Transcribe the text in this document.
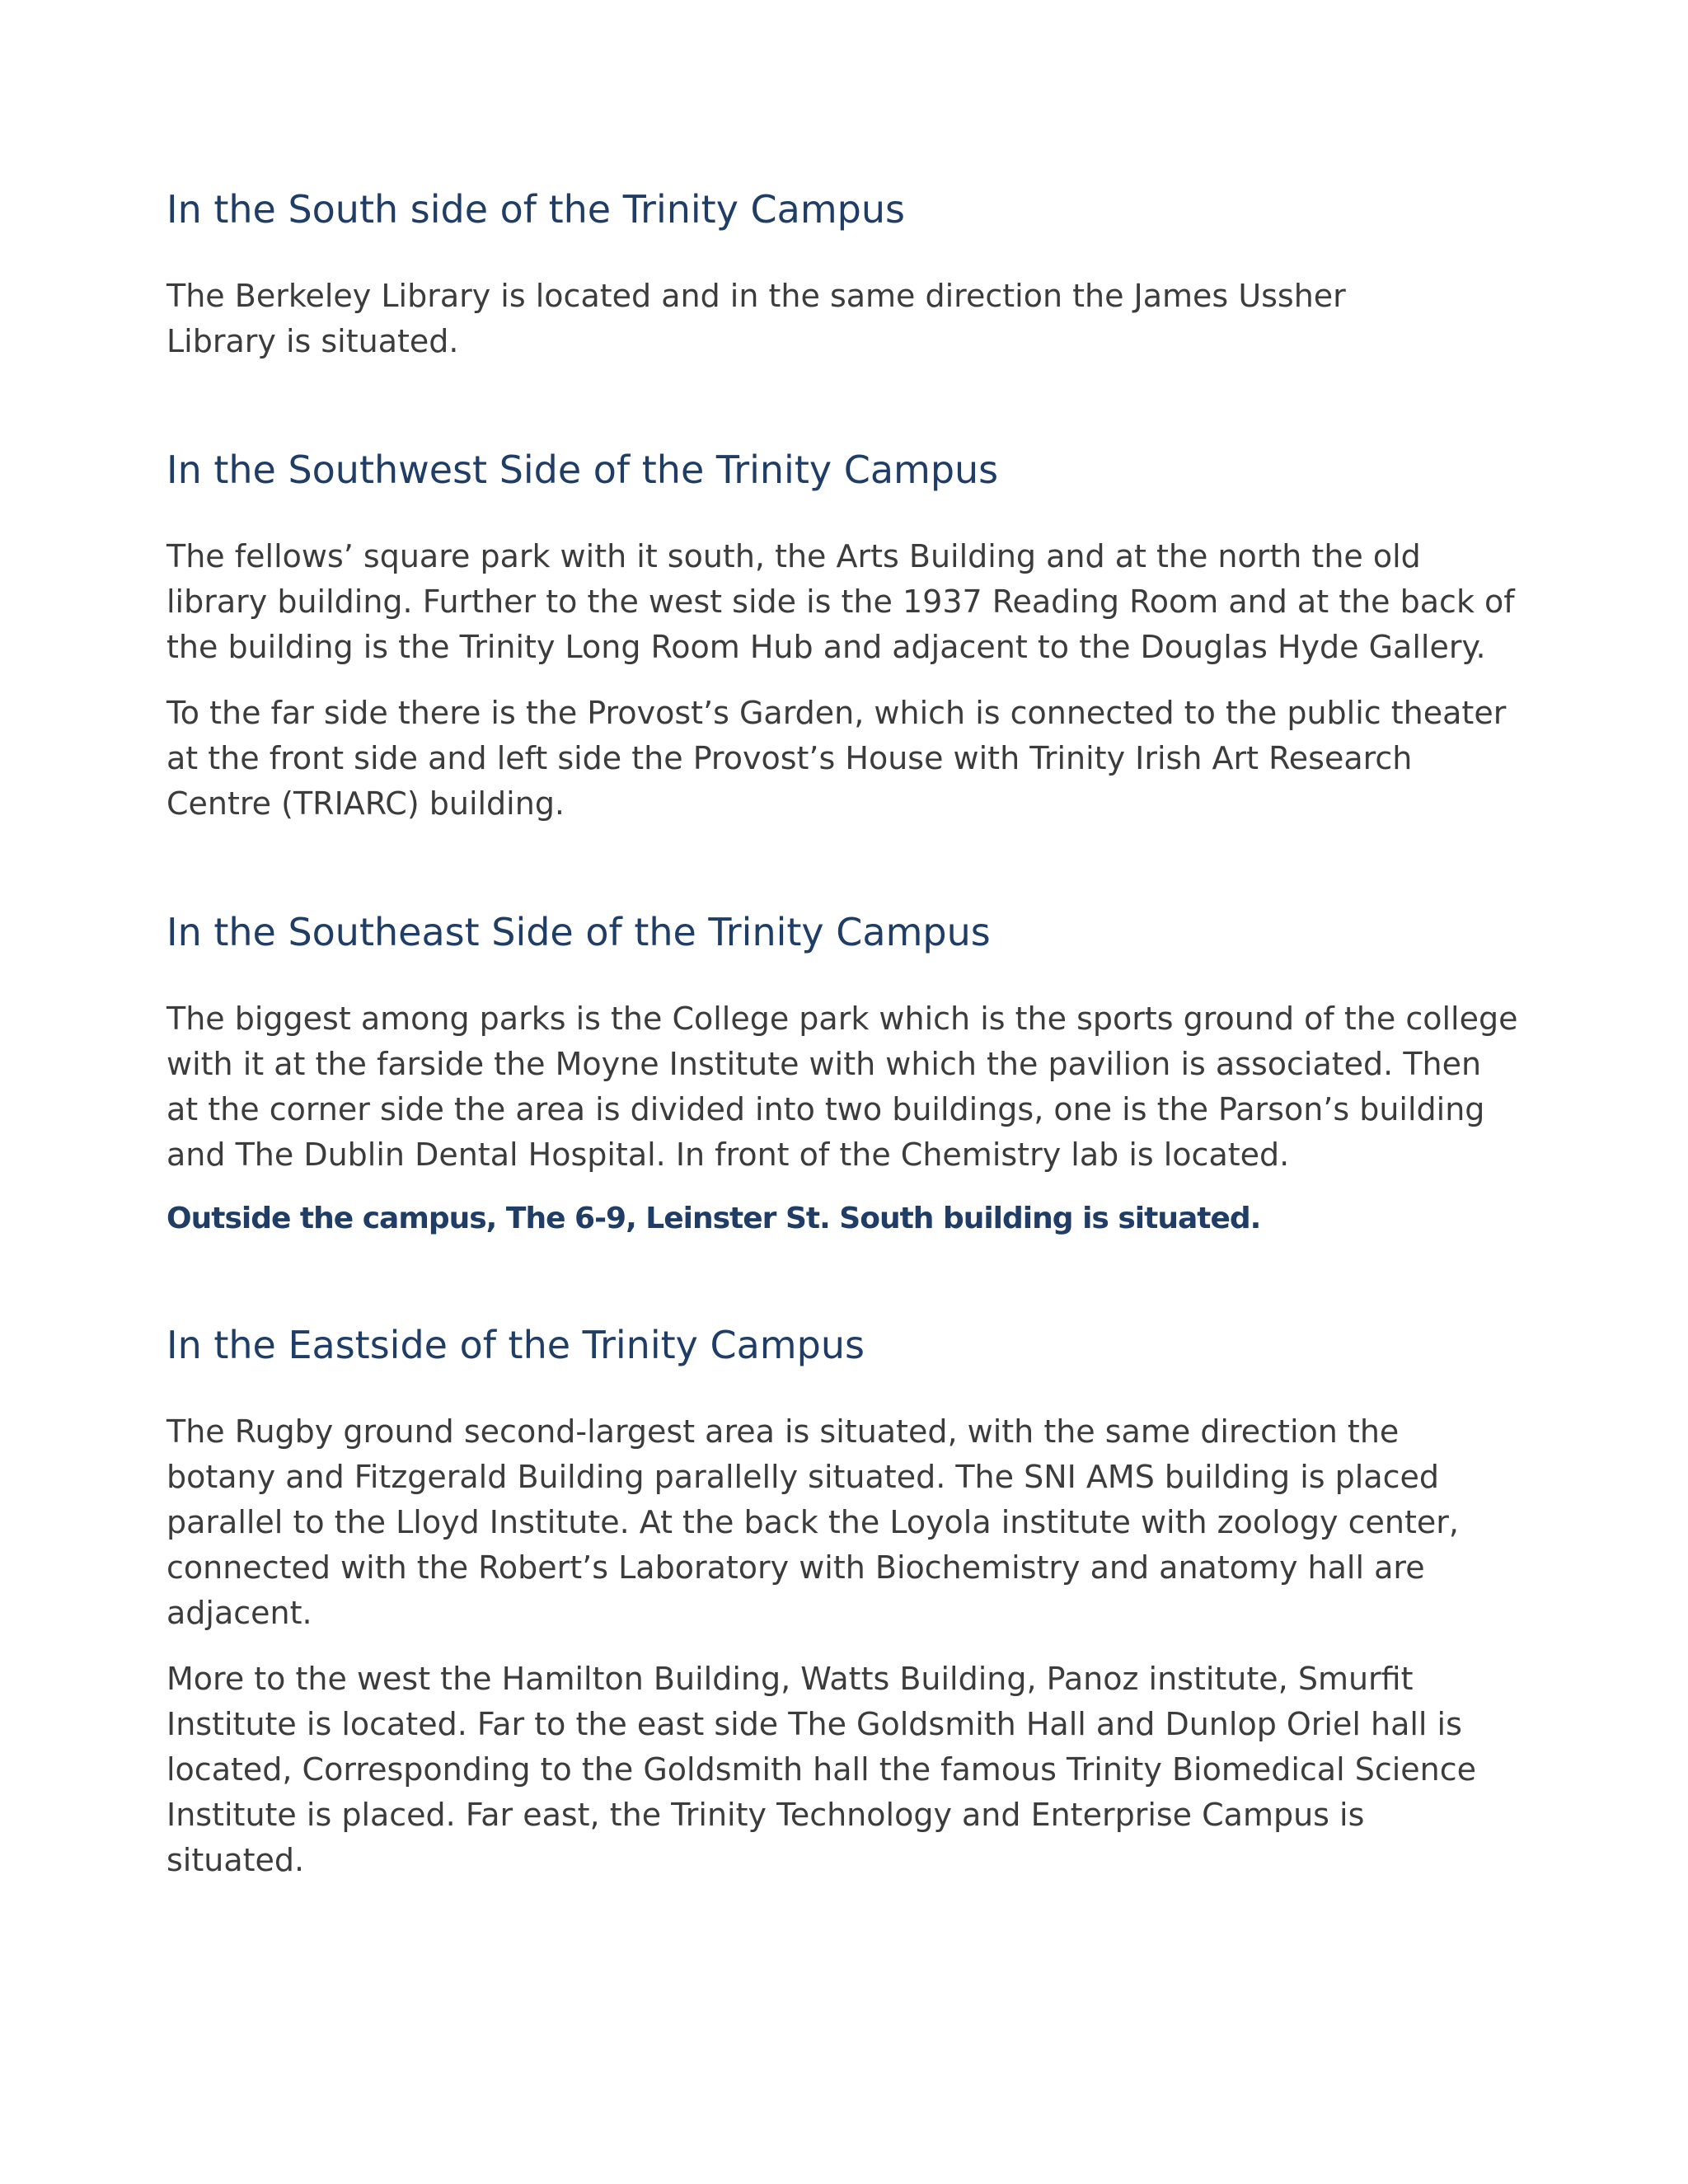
In the South side of the Trinity Campus

The Berkeley Library is located and in the same direction the James Ussher
Library is situated.

In the Southwest Side of the Trinity Campus

The fellows’ square park with it south, the Arts Building and at the north the old
library building. Further to the west side is the 1937 Reading Room and at the back of
the building is the Trinity Long Room Hub and adjacent to the Douglas Hyde Gallery.

To the far side there is the Provost’s Garden, which is connected to the public theater
at the front side and left side the Provost’s House with Trinity Irish Art Research
Centre (TRIARC) building.

In the Southeast Side of the Trinity Campus

The biggest among parks is the College park which is the sports ground of the college
with it at the farside the Moyne Institute with which the pavilion is associated. Then
at the corner side the area is divided into two buildings, one is the Parson’s building
and The Dublin Dental Hospital. In front of the Chemistry lab is located.

Outside the campus, The 6-9, Leinster St. South building is situated.

In the Eastside of the Trinity Campus

The Rugby ground second-largest area is situated, with the same direction the
botany and Fitzgerald Building parallelly situated. The SNI AMS building is placed
parallel to the Lloyd Institute. At the back the Loyola institute with zoology center,
connected with the Robert’s Laboratory with Biochemistry and anatomy hall are
adjacent.

More to the west the Hamilton Building, Watts Building, Panoz institute, Smurfit
Institute is located. Far to the east side The Goldsmith Hall and Dunlop Oriel hall is
located, Corresponding to the Goldsmith hall the famous Trinity Biomedical Science
Institute is placed. Far east, the Trinity Technology and Enterprise Campus is
situated.
